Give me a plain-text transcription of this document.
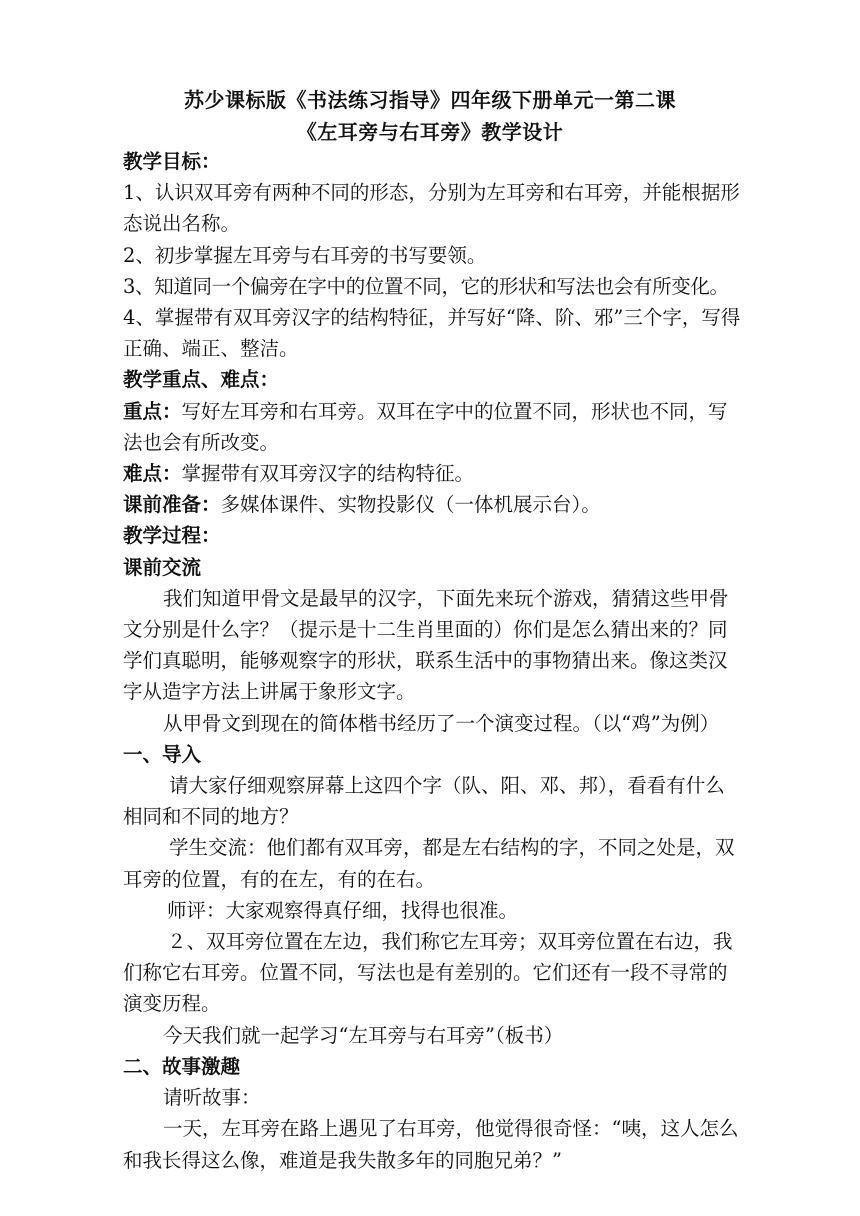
苏少课标版《书法练习指导》四年级下册单元一第二课
《左耳旁与右耳旁》教学设计

教学目标：

1、认识双耳旁有两种不同的形态，分别为左耳旁和右耳旁，并能根据形态说出名称。

2、初步掌握左耳旁与右耳旁的书写要领。

3、知道同一个偏旁在字中的位置不同，它的形状和写法也会有所变化。

4、掌握带有双耳旁汉字的结构特征，并写好“降、阶、邪”三个字，写得正确、端正、整洁。

教学重点、难点：

重点：写好左耳旁和右耳旁。双耳在字中的位置不同，形状也不同，写法也会有所改变。

难点：掌握带有双耳旁汉字的结构特征。

课前准备：多媒体课件、实物投影仪（一体机展示台）。

教学过程：

课前交流

我们知道甲骨文是最早的汉字，下面先来玩个游戏，猜猜这些甲骨文分别是什么字？（提示是十二生肖里面的）你们是怎么猜出来的？同学们真聪明，能够观察字的形状，联系生活中的事物猜出来。像这类汉字从造字方法上讲属于象形文字。

从甲骨文到现在的简体楷书经历了一个演变过程。（以“鸡”为例）

一、导入

请大家仔细观察屏幕上这四个字（队、阳、邓、邦），看看有什么相同和不同的地方？

学生交流：他们都有双耳旁，都是左右结构的字，不同之处是，双耳旁的位置，有的在左，有的在右。

师评：大家观察得真仔细，找得也很准。

２、双耳旁位置在左边，我们称它左耳旁；双耳旁位置在右边，我们称它右耳旁。位置不同，写法也是有差别的。它们还有一段不寻常的演变历程。

今天我们就一起学习“左耳旁与右耳旁”（板书）

二、故事激趣

请听故事：

一天，左耳旁在路上遇见了右耳旁，他觉得很奇怪：“咦，这人怎么和我长得这么像，难道是我失散多年的同胞兄弟？”
